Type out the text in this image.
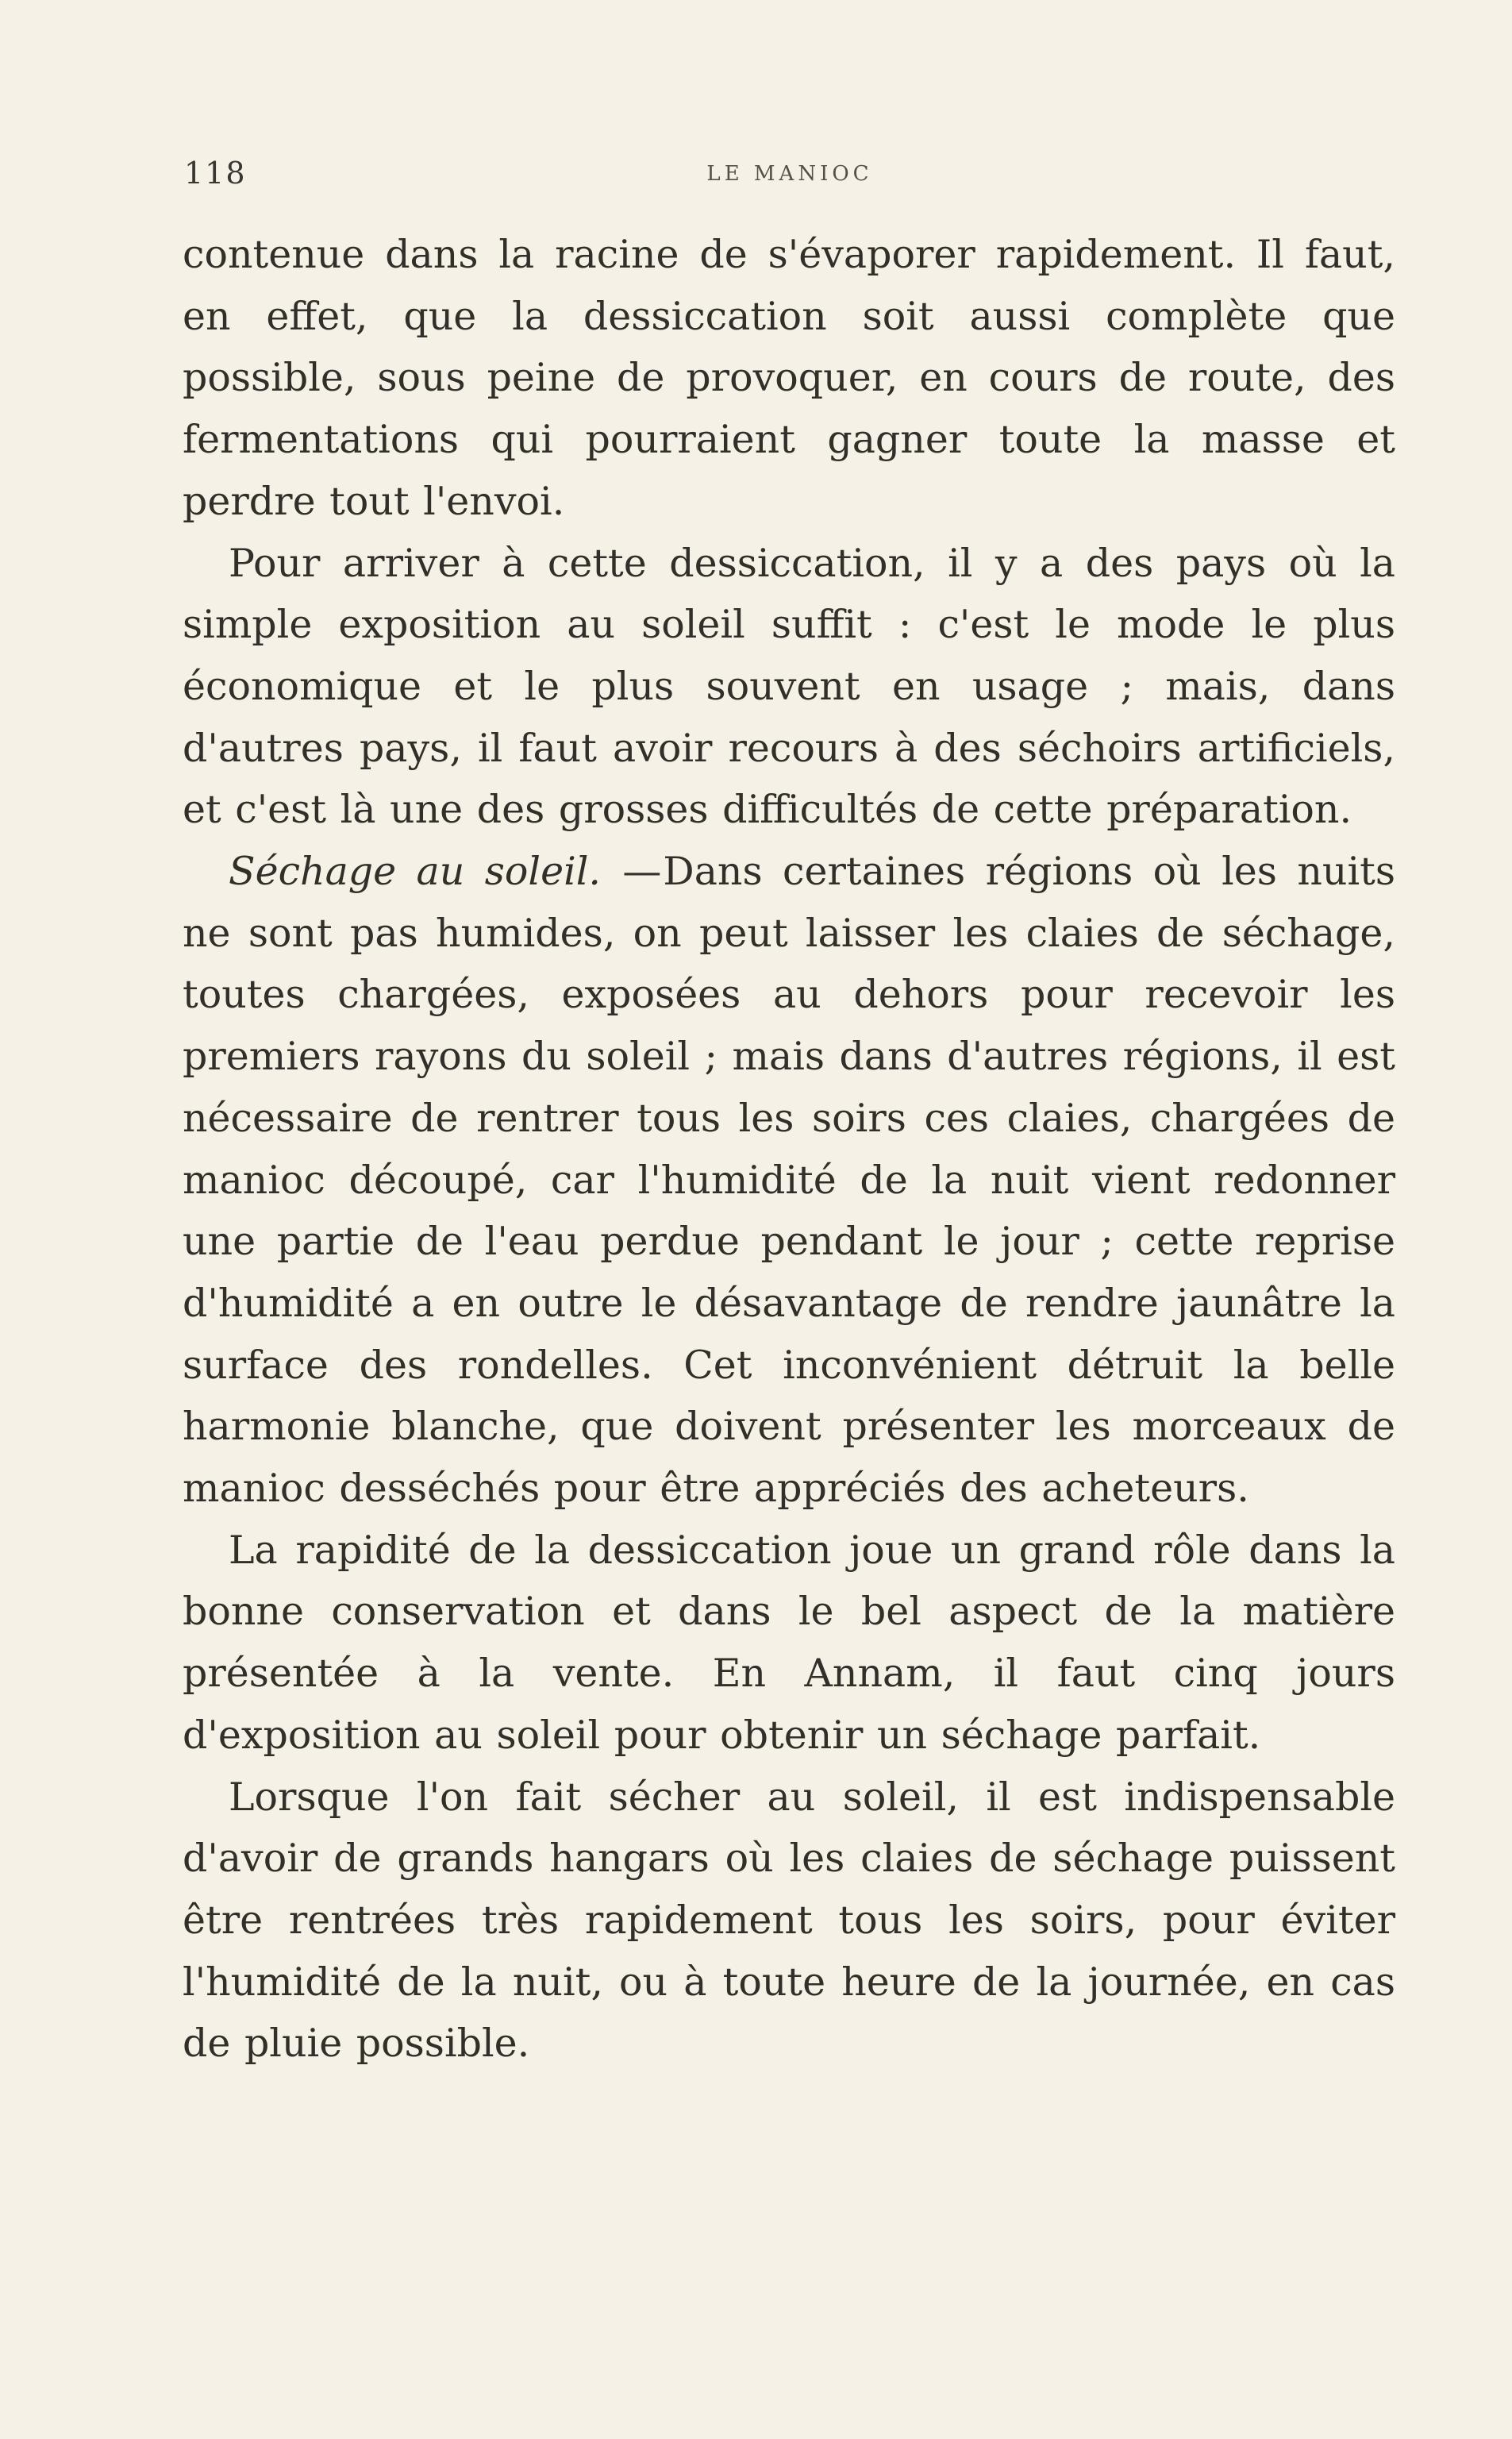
118	LE MANIOC

contenue dans la racine de s'évaporer rapidement. Il faut, en effet, que la dessiccation soit aussi complète que possible, sous peine de provoquer, en cours de route, des fermentations qui pourraient gagner toute la masse et perdre tout l'envoi.

Pour arriver à cette dessiccation, il y a des pays où la simple exposition au soleil suffit : c'est le mode le plus économique et le plus souvent en usage ; mais, dans d'autres pays, il faut avoir recours à des séchoirs artificiels, et c'est là une des grosses difficultés de cette préparation.

Séchage au soleil. —Dans certaines régions où les nuits ne sont pas humides, on peut laisser les claies de séchage, toutes chargées, exposées au dehors pour recevoir les premiers rayons du soleil ; mais dans d'autres régions, il est nécessaire de rentrer tous les soirs ces claies, chargées de manioc découpé, car l'humidité de la nuit vient redonner une partie de l'eau perdue pendant le jour ; cette reprise d'humidité a en outre le désavantage de rendre jaunâtre la surface des rondelles. Cet inconvénient détruit la belle harmonie blanche, que doivent présenter les morceaux de manioc desséchés pour être appréciés des acheteurs.

La rapidité de la dessiccation joue un grand rôle dans la bonne conservation et dans le bel aspect de la matière présentée à la vente. En Annam, il faut cinq jours d'exposition au soleil pour obtenir un séchage parfait.

Lorsque l'on fait sécher au soleil, il est indispensable d'avoir de grands hangars où les claies de séchage puissent être rentrées très rapidement tous les soirs, pour éviter l'humidité de la nuit, ou à toute heure de la journée, en cas de pluie possible.
